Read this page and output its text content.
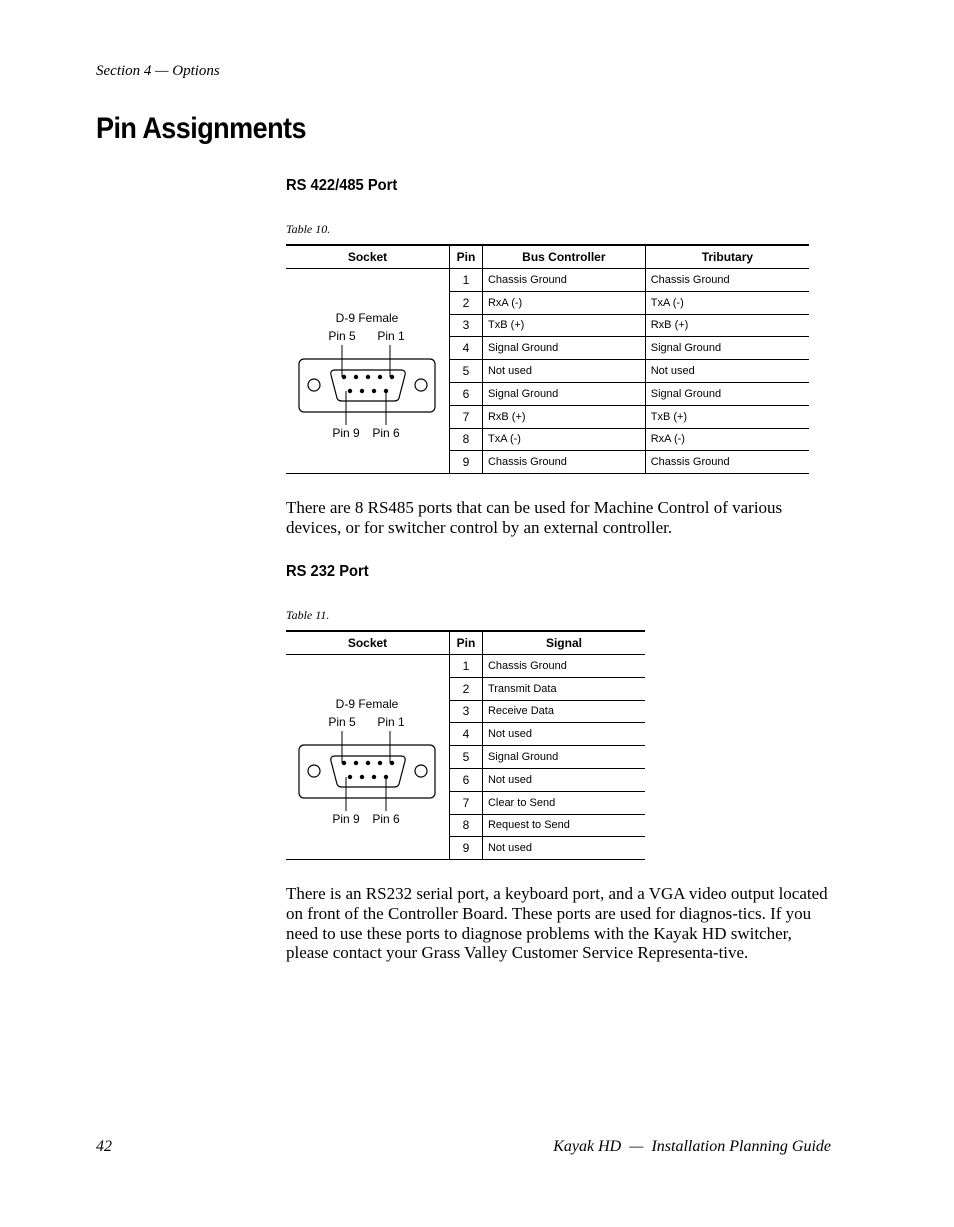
Section 4 — Options
Pin Assignments
RS 422/485 Port
Table 10.
Socket	Pin	Bus Controller	Tributary

D-9 Female
Pin 5 Pin 1
Pin 9 Pin 6	1	Chassis Ground	Chassis Ground
	2	RxA (-)	TxA (-)
	3	TxB (+)	RxB (+)
	4	Signal Ground	Signal Ground
	5	Not used	Not used
	6	Signal Ground	Signal Ground
	7	RxB (+)	TxB (+)
	8	TxA (-)	RxA (-)
	9	Chassis Ground	Chassis Ground
There are 8 RS485 ports that can be used for Machine Control of various devices, or for switcher control by an external controller.
RS 232 Port
Table 11.
Socket	Pin	Signal

D-9 Female
Pin 5 Pin 1
Pin 9 Pin 6	1	Chassis Ground
	2	Transmit Data
	3	Receive Data
	4	Not used
	5	Signal Ground
	6	Not used
	7	Clear to Send
	8	Request to Send
	9	Not used
There is an RS232 serial port, a keyboard port, and a VGA video output located on front of the Controller Board. These ports are used for diagnos-tics. If you need to use these ports to diagnose problems with the Kayak HD switcher, please contact your Grass Valley Customer Service Representa-tive.
42	Kayak HD  —  Installation Planning Guide
